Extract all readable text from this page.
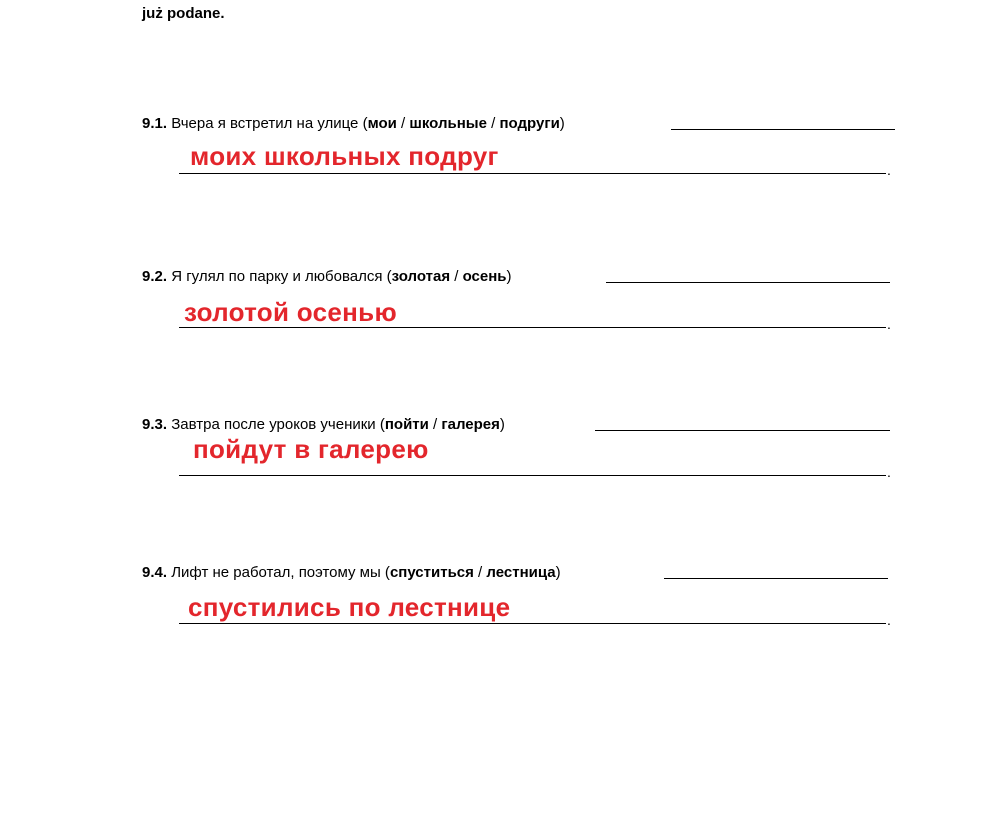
już podane.
9.1. Вчера я встретил на улице (мои / школьные / подруги)
моих школьных подруг	.
9.2. Я гулял по парку и любовался (золотая / осень)
золотой осенью	.
9.3. Завтра после уроков ученики (пойти / галерея)
пойдут в галерею
.
9.4. Лифт не работал, поэтому мы (спуститься / лестница)
спустились по лестнице	.
